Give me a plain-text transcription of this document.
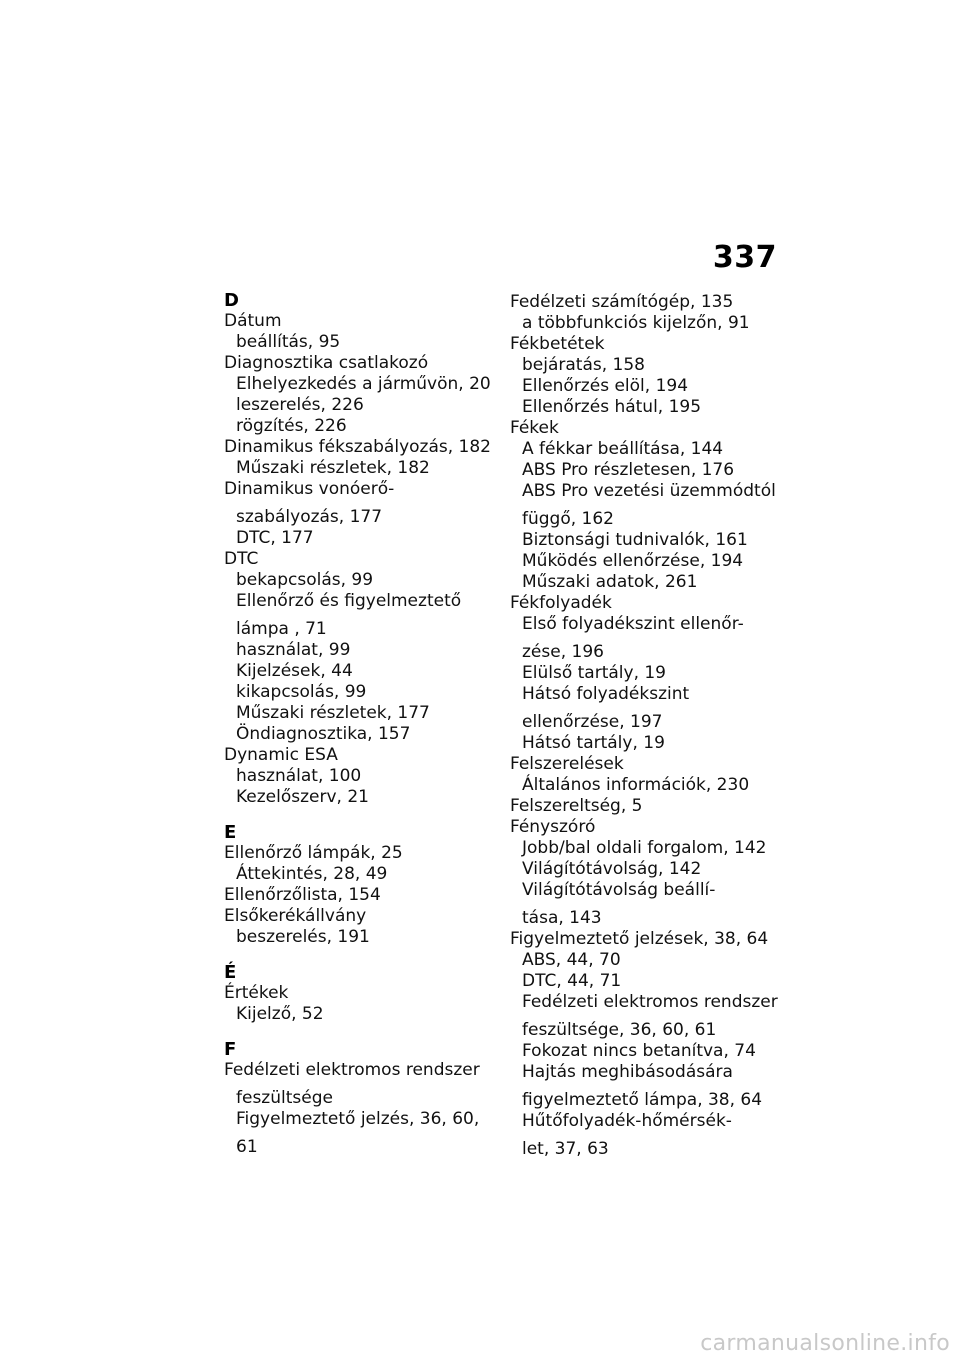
337
D
Dátum
beállítás, 95
Diagnosztika csatlakozó
Elhelyezkedés a járművön, 20
leszerelés, 226
rögzítés, 226
Dinamikus fékszabályozás, 182
Műszaki részletek, 182
Dinamikus vonóerő-
szabályozás, 177
DTC, 177
DTC
bekapcsolás, 99
Ellenőrző és figyelmeztető
lámpa , 71
használat, 99
Kijelzések, 44
kikapcsolás, 99
Műszaki részletek, 177
Öndiagnosztika, 157
Dynamic ESA
használat, 100
Kezelőszerv, 21
E
Ellenőrző lámpák, 25
Áttekintés, 28, 49
Ellenőrzőlista, 154
Elsőkerékállvány
beszerelés, 191
É
Értékek
Kijelző, 52
F
Fedélzeti elektromos rendszer
feszültsége
Figyelmeztető jelzés, 36, 60,
61
Fedélzeti számítógép, 135
a többfunkciós kijelzőn, 91
Fékbetétek
bejáratás, 158
Ellenőrzés elöl, 194
Ellenőrzés hátul, 195
Fékek
A fékkar beállítása, 144
ABS Pro részletesen, 176
ABS Pro vezetési üzemmódtól
függő, 162
Biztonsági tudnivalók, 161
Működés ellenőrzése, 194
Műszaki adatok, 261
Fékfolyadék
Első folyadékszint ellenőr-
zése, 196
Elülső tartály, 19
Hátsó folyadékszint
ellenőrzése, 197
Hátsó tartály, 19
Felszerelések
Általános információk, 230
Felszereltség, 5
Fényszóró
Jobb/bal oldali forgalom, 142
Világítótávolság, 142
Világítótávolság beállí-
tása, 143
Figyelmeztető jelzések, 38, 64
ABS, 44, 70
DTC, 44, 71
Fedélzeti elektromos rendszer
feszültsége, 36, 60, 61
Fokozat nincs betanítva, 74
Hajtás meghibásodására
figyelmeztető lámpa, 38, 64
Hűtőfolyadék-hőmérsék-
let, 37, 63
carmanualsonline.info
